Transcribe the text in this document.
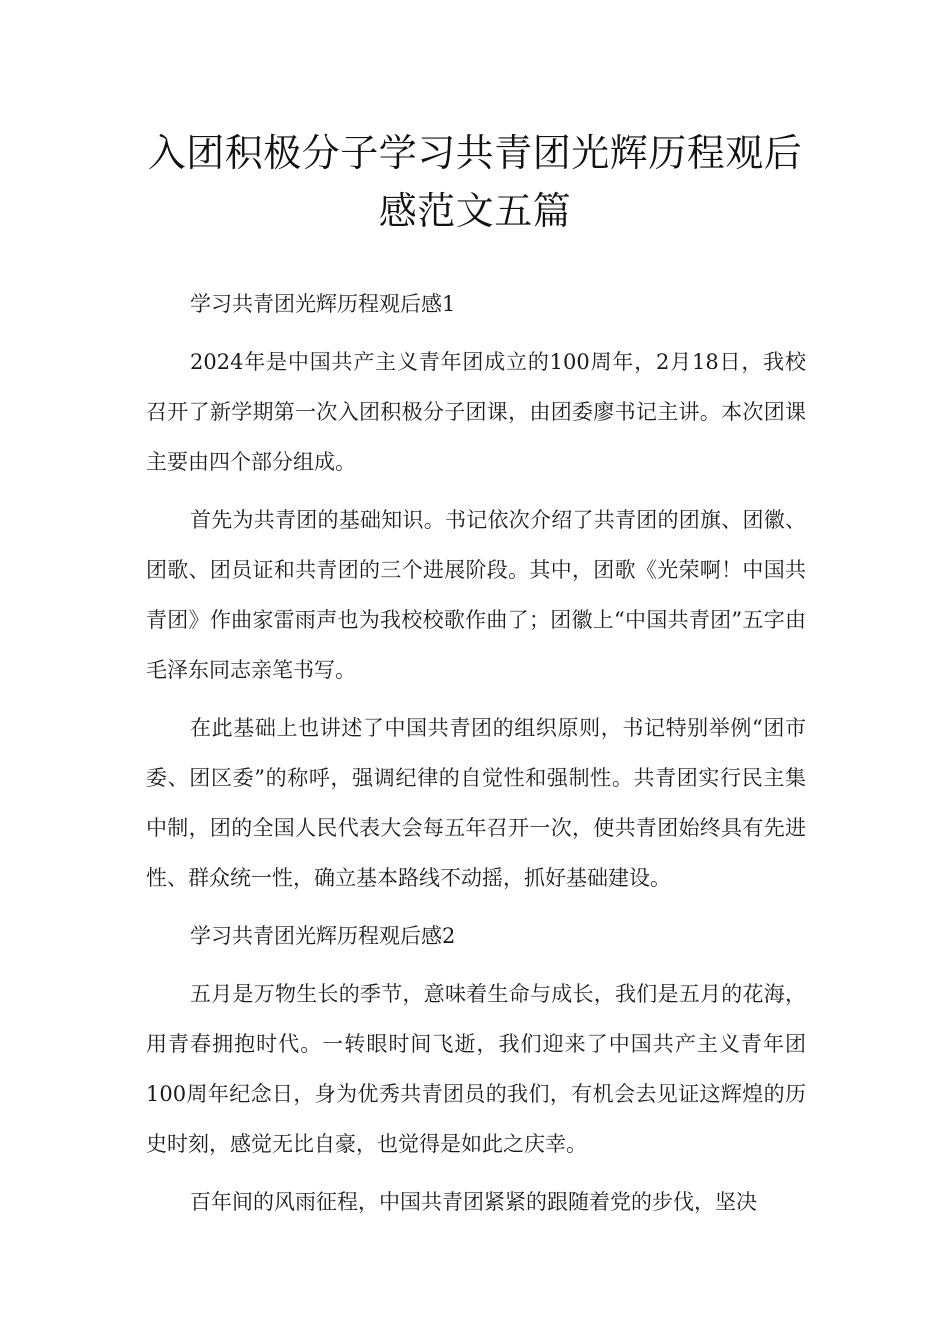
入团积极分子学习共青团光辉历程观后
感范文五篇

学习共青团光辉历程观后感1

2024年是中国共产主义青年团成立的100周年，2月18日，我校召开了新学期第一次入团积极分子团课，由团委廖书记主讲。本次团课主要由四个部分组成。

首先为共青团的基础知识。书记依次介绍了共青团的团旗、团徽、团歌、团员证和共青团的三个进展阶段。其中，团歌《光荣啊！中国共青团》作曲家雷雨声也为我校校歌作曲了；团徽上“中国共青团”五字由毛泽东同志亲笔书写。

在此基础上也讲述了中国共青团的组织原则，书记特别举例“团市委、团区委”的称呼，强调纪律的自觉性和强制性。共青团实行民主集中制，团的全国人民代表大会每五年召开一次，使共青团始终具有先进性、群众统一性，确立基本路线不动摇，抓好基础建设。

学习共青团光辉历程观后感2

五月是万物生长的季节，意味着生命与成长，我们是五月的花海，用青春拥抱时代。一转眼时间飞逝，我们迎来了中国共产主义青年团100周年纪念日，身为优秀共青团员的我们，有机会去见证这辉煌的历史时刻，感觉无比自豪，也觉得是如此之庆幸。

百年间的风雨征程，中国共青团紧紧的跟随着党的步伐，坚决
